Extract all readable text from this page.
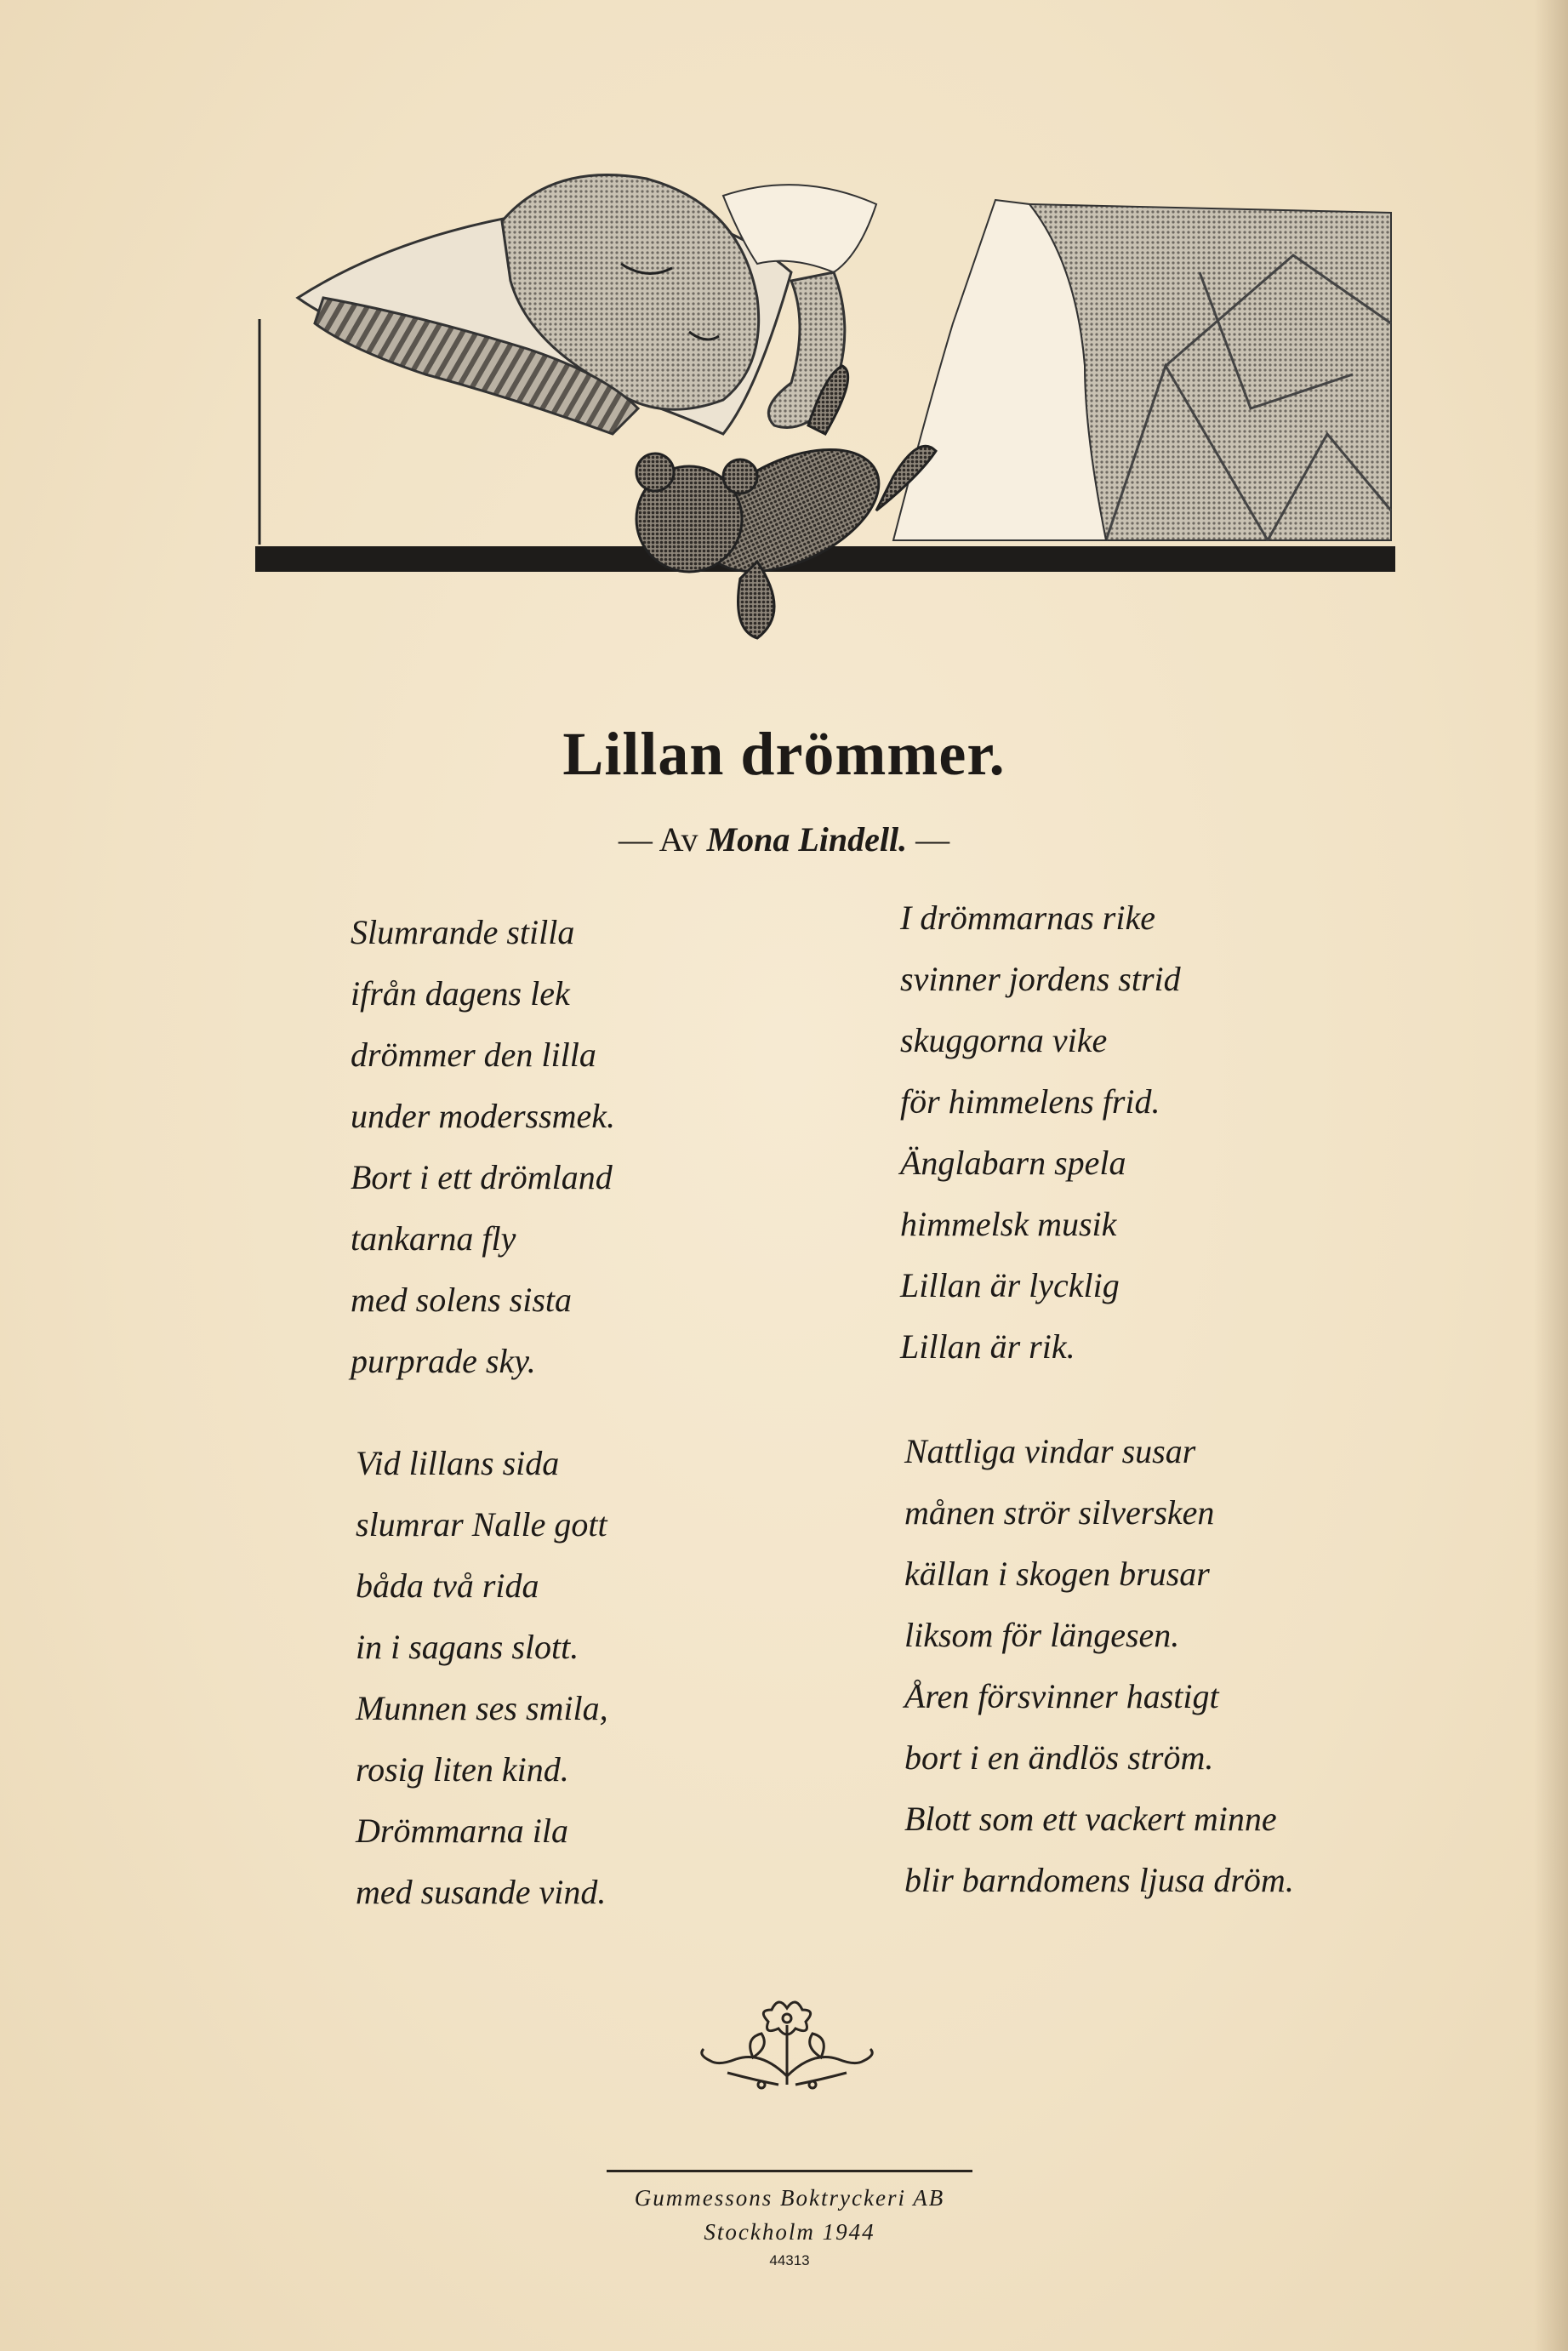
Lillan drömmer.
— Av Mona Lindell. —
Slumrande stilla
ifrån dagens lek
drömmer den lilla
under moderssmek.
Bort i ett drömland
tankarna fly
med solens sista
purprade sky.
I drömmarnas rike
svinner jordens strid
skuggorna vike
för himmelens frid.
Änglabarn spela
himmelsk musik
Lillan är lycklig
Lillan är rik.
Vid lillans sida
slumrar Nalle gott
båda två rida
in i sagans slott.
Munnen ses smila,
rosig liten kind.
Drömmarna ila
med susande vind.
Nattliga vindar susar
månen strör silversken
källan i skogen brusar
liksom för längesen.
Åren försvinner hastigt
bort i en ändlös ström.
Blott som ett vackert minne
blir barndomens ljusa dröm.
Gummessons Boktryckeri AB
Stockholm 1944
44313
